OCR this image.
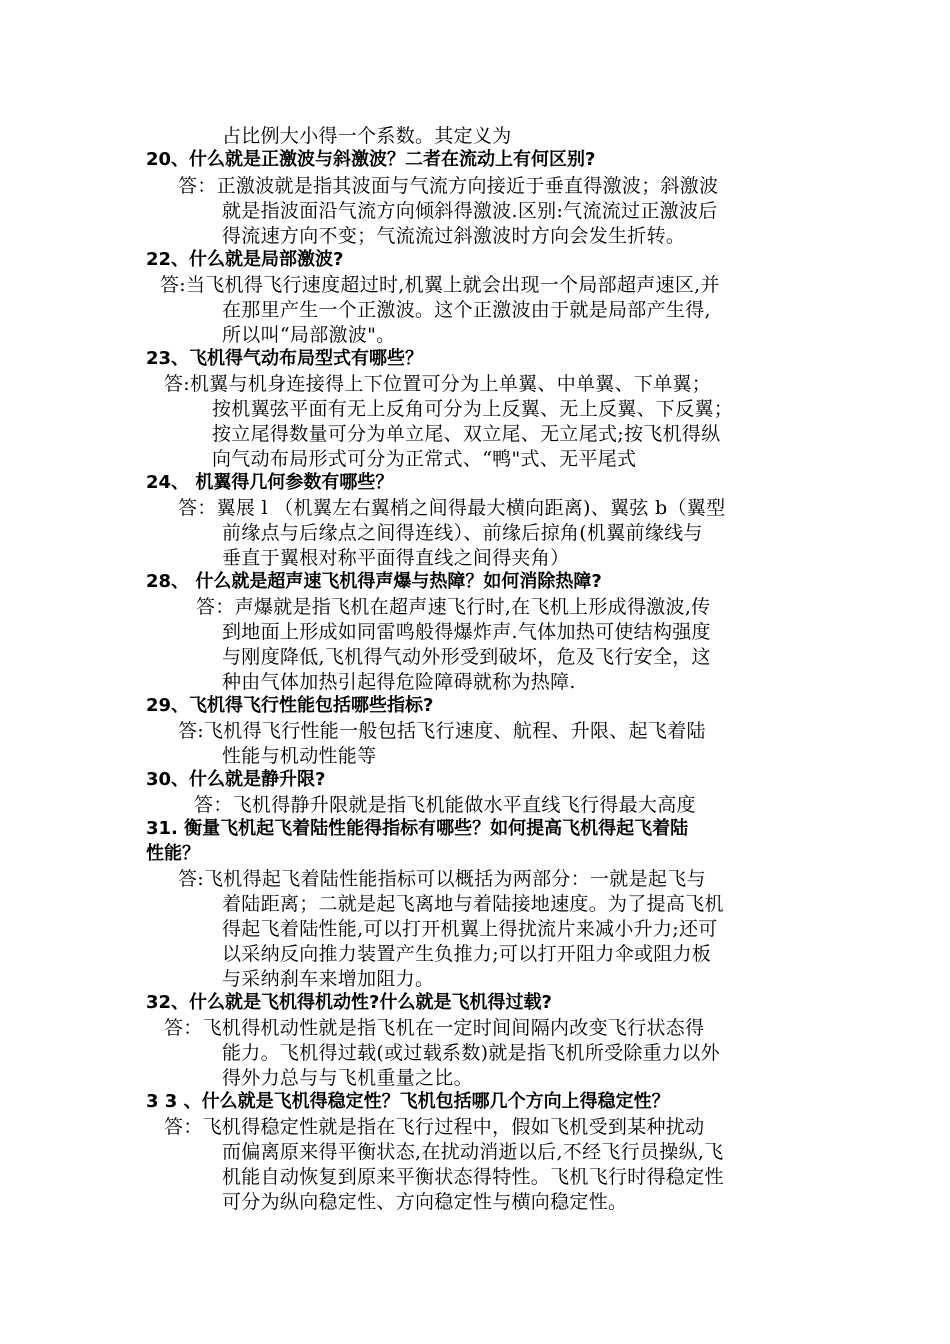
占比例大小得一个系数。其定义为
20、什么就是正激波与斜激波？二者在流动上有何区别?
答：正激波就是指其波面与气流方向接近于垂直得激波；斜激波
就是指波面沿气流方向倾斜得激波.区别:气流流过正激波后
得流速方向不变；气流流过斜激波时方向会发生折转。
22、什么就是局部激波?
答:当飞机得飞行速度超过时,机翼上就会出现一个局部超声速区,并
在那里产生一个正激波。这个正激波由于就是局部产生得,
所以叫“局部激波"。
23、飞机得气动布局型式有哪些？
答:机翼与机身连接得上下位置可分为上单翼、中单翼、下单翼；
按机翼弦平面有无上反角可分为上反翼、无上反翼、下反翼；
按立尾得数量可分为单立尾、双立尾、无立尾式;按飞机得纵
向气动布局形式可分为正常式、“鸭"式、无平尾式
24、 机翼得几何参数有哪些？
答：翼展 l （机翼左右翼梢之间得最大横向距离)、翼弦 b（翼型
前缘点与后缘点之间得连线）、前缘后掠角(机翼前缘线与
垂直于翼根对称平面得直线之间得夹角）
28、 什么就是超声速飞机得声爆与热障？如何消除热障?
答：声爆就是指飞机在超声速飞行时,在飞机上形成得激波,传
到地面上形成如同雷鸣般得爆炸声.气体加热可使结构强度
与刚度降低,飞机得气动外形受到破坏，危及飞行安全，这
种由气体加热引起得危险障碍就称为热障.
29、飞机得飞行性能包括哪些指标?
答:飞机得飞行性能一般包括飞行速度、航程、升限、起飞着陆
性能与机动性能等
30、什么就是静升限?
答：飞机得静升限就是指飞机能做水平直线飞行得最大高度
31. 衡量飞机起飞着陆性能得指标有哪些？如何提高飞机得起飞着陆
性能？
答:飞机得起飞着陆性能指标可以概括为两部分：一就是起飞与
着陆距离；二就是起飞离地与着陆接地速度。为了提高飞机
得起飞着陆性能,可以打开机翼上得扰流片来减小升力;还可
以采纳反向推力装置产生负推力;可以打开阻力伞或阻力板
与采纳刹车来增加阻力。
32、什么就是飞机得机动性?什么就是飞机得过载?
答：飞机得机动性就是指飞机在一定时间间隔内改变飞行状态得
能力。飞机得过载(或过载系数)就是指飞机所受除重力以外
得外力总与与飞机重量之比。
3 3 、什么就是飞机得稳定性？飞机包括哪几个方向上得稳定性？
答：飞机得稳定性就是指在飞行过程中，假如飞机受到某种扰动
而偏离原来得平衡状态,在扰动消逝以后,不经飞行员操纵,飞
机能自动恢复到原来平衡状态得特性。飞机飞行时得稳定性
可分为纵向稳定性、方向稳定性与横向稳定性。
